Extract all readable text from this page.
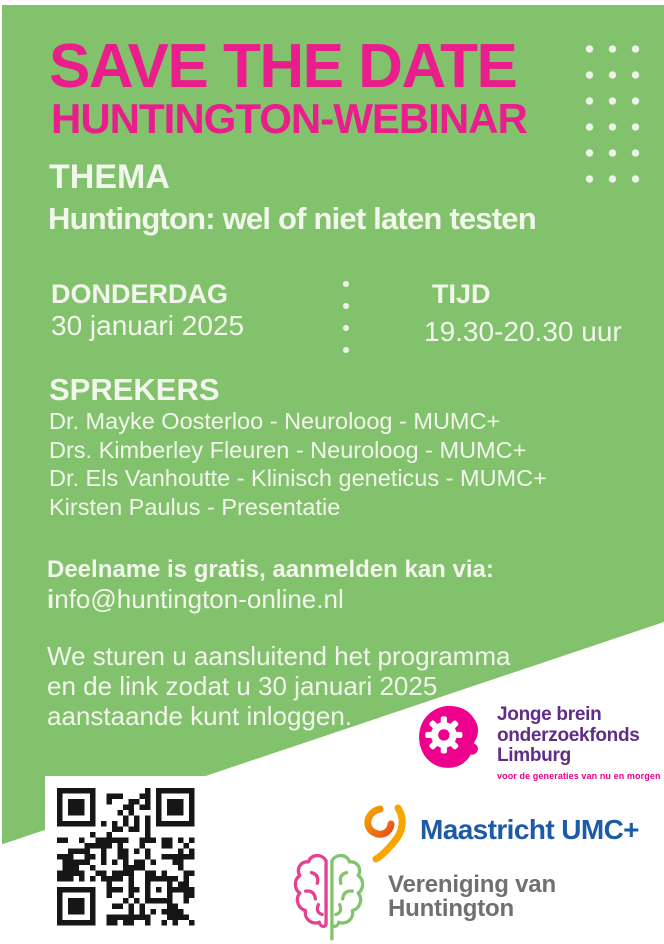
SAVE THE DATE
HUNTINGTON-WEBINAR
THEMA
Huntington: wel of niet laten testen
DONDERDAG
30 januari 2025
TIJD
19.30-20.30 uur
SPREKERS
Dr. Mayke Oosterloo - Neuroloog - MUMC+
Drs. Kimberley Fleuren - Neuroloog - MUMC+
Dr. Els Vanhoutte - Klinisch geneticus - MUMC+
Kirsten Paulus - Presentatie
Deelname is gratis, aanmelden kan via:
info@huntington-online.nl
We sturen u aansluitend het programma
en de link zodat u 30 januari 2025
aanstaande kunt inloggen.	Jonge brein
onderzoekfonds
Limburg
voor de generaties van nu en morgen
Maastricht UMC+
Vereniging van Huntington
